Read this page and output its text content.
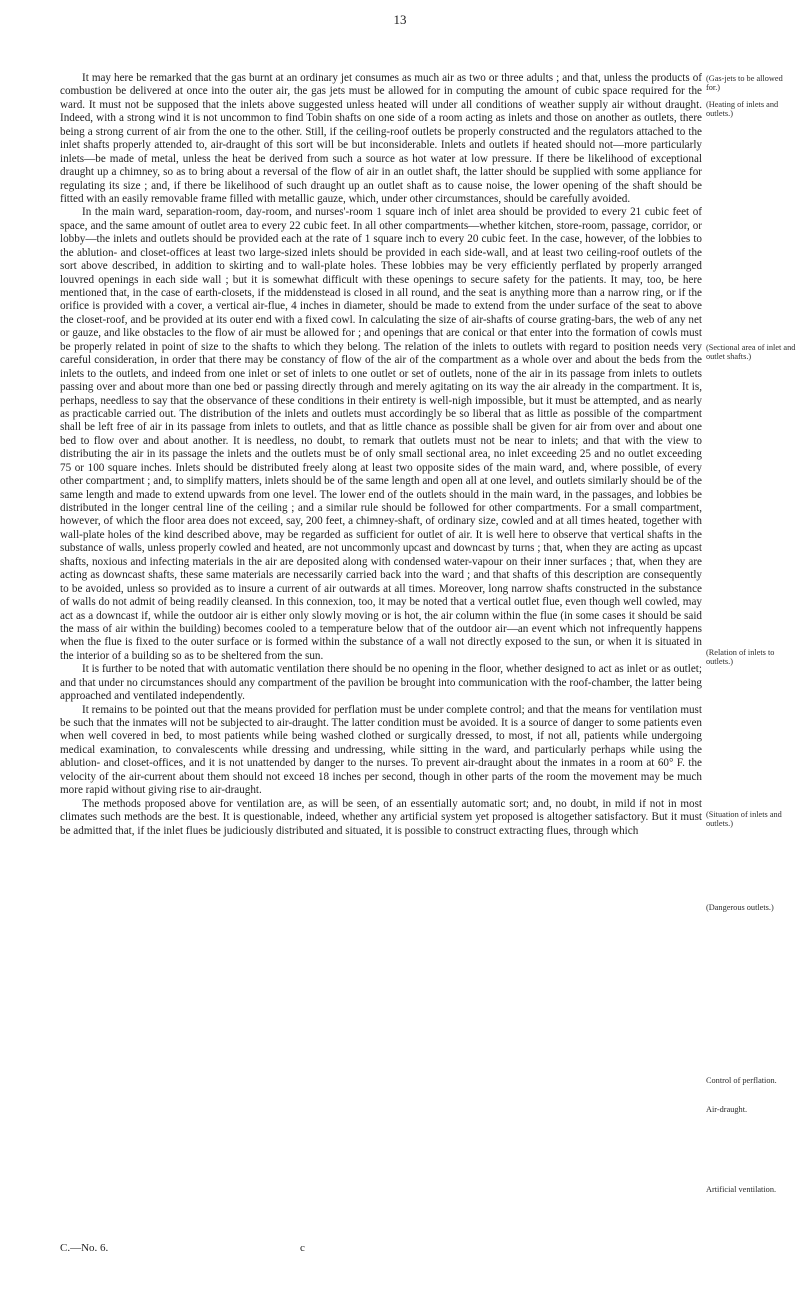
13

It may here be remarked that the gas burnt at an ordinary jet consumes as much air as two or three adults ; and that, unless the products of combustion be delivered at once into the outer air, the gas jets must be allowed for in computing the amount of cubic space required for the ward. It must not be supposed that the inlets above suggested unless heated will under all conditions of weather supply air without draught. Indeed, with a strong wind it is not uncommon to find Tobin shafts on one side of a room acting as inlets and those on another as outlets, there being a strong current of air from the one to the other. Still, if the ceiling-roof outlets be properly constructed and the regulators attached to the inlet shafts properly attended to, air-draught of this sort will be but inconsiderable. Inlets and outlets if heated should not—more particularly inlets—be made of metal, unless the heat be derived from such a source as hot water at low pressure. If there be likelihood of exceptional draught up a chimney, so as to bring about a reversal of the flow of air in an outlet shaft, the latter should be supplied with some appliance for regulating its size ; and, if there be likelihood of such draught up an outlet shaft as to cause noise, the lower opening of the shaft should be fitted with an easily removable frame filled with metallic gauze, which, under other circumstances, should be carefully avoided.

In the main ward, separation-room, day-room, and nurses'-room 1 square inch of inlet area should be provided to every 21 cubic feet of space, and the same amount of outlet area to every 22 cubic feet. In all other compartments—whether kitchen, store-room, passage, corridor, or lobby—the inlets and outlets should be provided each at the rate of 1 square inch to every 20 cubic feet. In the case, however, of the lobbies to the ablution- and closet-offices at least two large-sized inlets should be provided in each side-wall, and at least two ceiling-roof outlets of the sort above described, in addition to skirting and to wall-plate holes. These lobbies may be very efficiently perflated by properly arranged louvred openings in each side wall ; but it is somewhat difficult with these openings to secure safety for the patients. It may, too, be here mentioned that, in the case of earth-closets, if the middenstead is closed in all round, and the seat is anything more than a narrow ring, or if the orifice is provided with a cover, a vertical air-flue, 4 inches in diameter, should be made to extend from the under surface of the seat to above the closet-roof, and be provided at its outer end with a fixed cowl. In calculating the size of air-shafts of course grating-bars, the web of any net or gauze, and like obstacles to the flow of air must be allowed for ; and openings that are conical or that enter into the formation of cowls must be properly related in point of size to the shafts to which they belong. The relation of the inlets to outlets with regard to position needs very careful consideration, in order that there may be constancy of flow of the air of the compartment as a whole over and about the beds from the inlets to the outlets, and indeed from one inlet or set of inlets to one outlet or set of outlets, none of the air in its passage from inlets to outlets passing over and about more than one bed or passing directly through and merely agitating on its way the air already in the compartment. It is, perhaps, needless to say that the observance of these conditions in their entirety is well-nigh impossible, but it must be attempted, and as nearly as practicable carried out. The distribution of the inlets and outlets must accordingly be so liberal that as little as possible of the compartment shall be left free of air in its passage from inlets to outlets, and that as little chance as possible shall be given for air from over and about one bed to flow over and about another. It is needless, no doubt, to remark that outlets must not be near to inlets; and that with the view to distributing the air in its passage the inlets and the outlets must be of only small sectional area, no inlet exceeding 25 and no outlet exceeding 75 or 100 square inches. Inlets should be distributed freely along at least two opposite sides of the main ward, and, where possible, of every other compartment ; and, to simplify matters, inlets should be of the same length and open all at one level, and outlets similarly should be of the same length and made to extend upwards from one level. The lower end of the outlets should in the main ward, in the passages, and lobbies be distributed in the longer central line of the ceiling ; and a similar rule should be followed for other compartments. For a small compartment, however, of which the floor area does not exceed, say, 200 feet, a chimney-shaft, of ordinary size, cowled and at all times heated, together with wall-plate holes of the kind described above, may be regarded as sufficient for outlet of air. It is well here to observe that vertical shafts in the substance of walls, unless properly cowled and heated, are not uncommonly upcast and downcast by turns ; that, when they are acting as upcast shafts, noxious and infecting materials in the air are deposited along with condensed water-vapour on their inner surfaces ; that, when they are acting as downcast shafts, these same materials are necessarily carried back into the ward ; and that shafts of this description are consequently to be avoided, unless so provided as to insure a current of air outwards at all times. Moreover, long narrow shafts constructed in the substance of walls do not admit of being readily cleansed. In this connexion, too, it may be noted that a vertical outlet flue, even though well cowled, may act as a downcast if, while the outdoor air is either only slowly moving or is hot, the air column within the flue (in some cases it should be said the mass of air within the building) becomes cooled to a temperature below that of the outdoor air—an event which not infrequently happens when the flue is fixed to the outer surface or is formed within the substance of a wall not directly exposed to the sun, or when it is situated in the interior of a building so as to be sheltered from the sun.

It is further to be noted that with automatic ventilation there should be no opening in the floor, whether designed to act as inlet or as outlet; and that under no circumstances should any compartment of the pavilion be brought into communication with the roof-chamber, the latter being approached and ventilated independently.

It remains to be pointed out that the means provided for perflation must be under complete control; and that the means for ventilation must be such that the inmates will not be subjected to air-draught. The latter condition must be avoided. It is a source of danger to some patients even when well covered in bed, to most patients while being washed clothed or surgically dressed, to most, if not all, patients while undergoing medical examination, to convalescents while dressing and undressing, while sitting in the ward, and particularly perhaps while using the ablution- and closet-offices, and it is not unattended by danger to the nurses. To prevent air-draught about the inmates in a room at 60° F. the velocity of the air-current about them should not exceed 18 inches per second, though in other parts of the room the movement may be much more rapid without giving rise to air-draught.

The methods proposed above for ventilation are, as will be seen, of an essentially automatic sort; and, no doubt, in mild if not in most climates such methods are the best. It is questionable, indeed, whether any artificial system yet proposed is altogether satisfactory. But it must be admitted that, if the inlet flues be judiciously distributed and situated, it is possible to construct extracting flues, through which

(Gas-jets to be allowed for.)
(Heating of inlets and outlets.)
(Sectional area of inlet and outlet shafts.)
(Relation of inlets to outlets.)
(Situation of inlets and outlets.)
(Dangerous outlets.)
Control of perflation.
Air-draught.
Artificial ventilation.
C.—No. 6.	c
